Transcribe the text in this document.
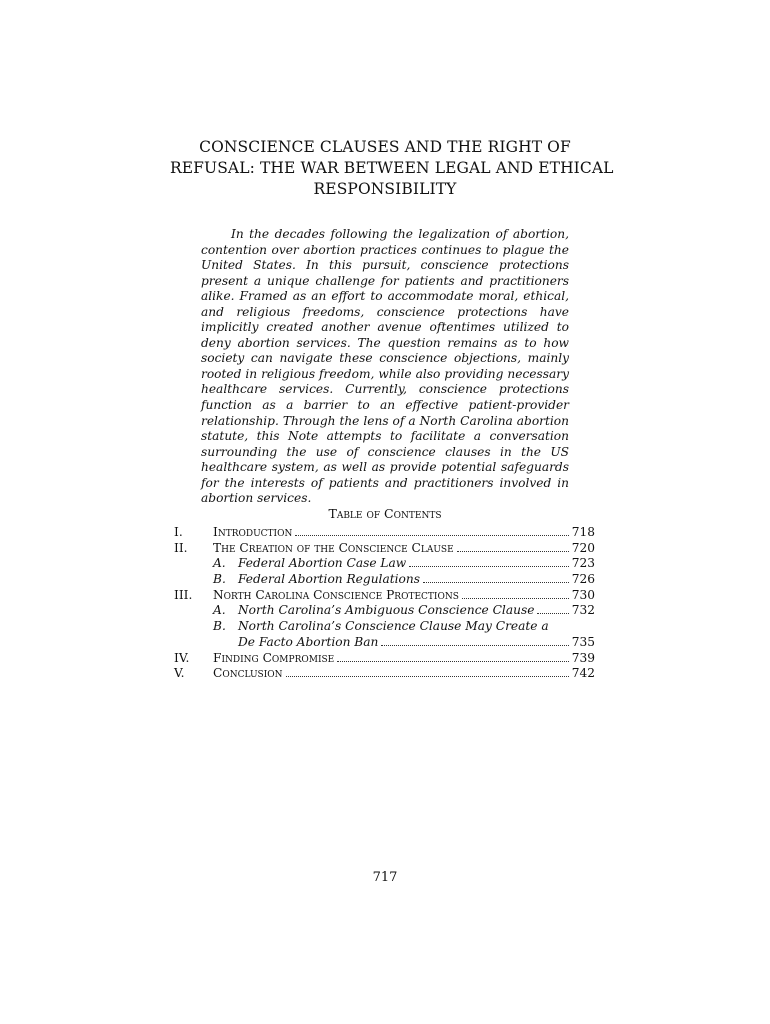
CONSCIENCE CLAUSES AND THE RIGHT OF
REFUSAL: THE WAR BETWEEN LEGAL AND ETHICAL
RESPONSIBILITY

In the decades following the legalization of abortion, contention over abortion practices continues to plague the United States. In this pursuit, conscience protections present a unique challenge for patients and practitioners alike. Framed as an effort to accommodate moral, ethical, and religious freedoms, conscience protections have implicitly created another avenue oftentimes utilized to deny abortion services. The question remains as to how society can navigate these conscience objections, mainly rooted in religious freedom, while also providing necessary healthcare services. Currently, conscience protections function as a barrier to an effective patient-provider relationship. Through the lens of a North Carolina abortion statute, this Note attempts to facilitate a conversation surrounding the use of conscience clauses in the US healthcare system, as well as provide potential safeguards for the interests of patients and practitioners involved in abortion services.

Table of Contents
I.	Introduction	718
II.	The Creation of the Conscience Clause	720
A.	Federal Abortion Case Law	723
B. Federal Abortion Regulations	726
III.	North Carolina Conscience Protections	730
A.	North Carolina’s Ambiguous Conscience Clause	732
B. North Carolina’s Conscience Clause May Create a
De Facto Abortion Ban	735
IV.	Finding Compromise	739
V.	Conclusion	742
717
